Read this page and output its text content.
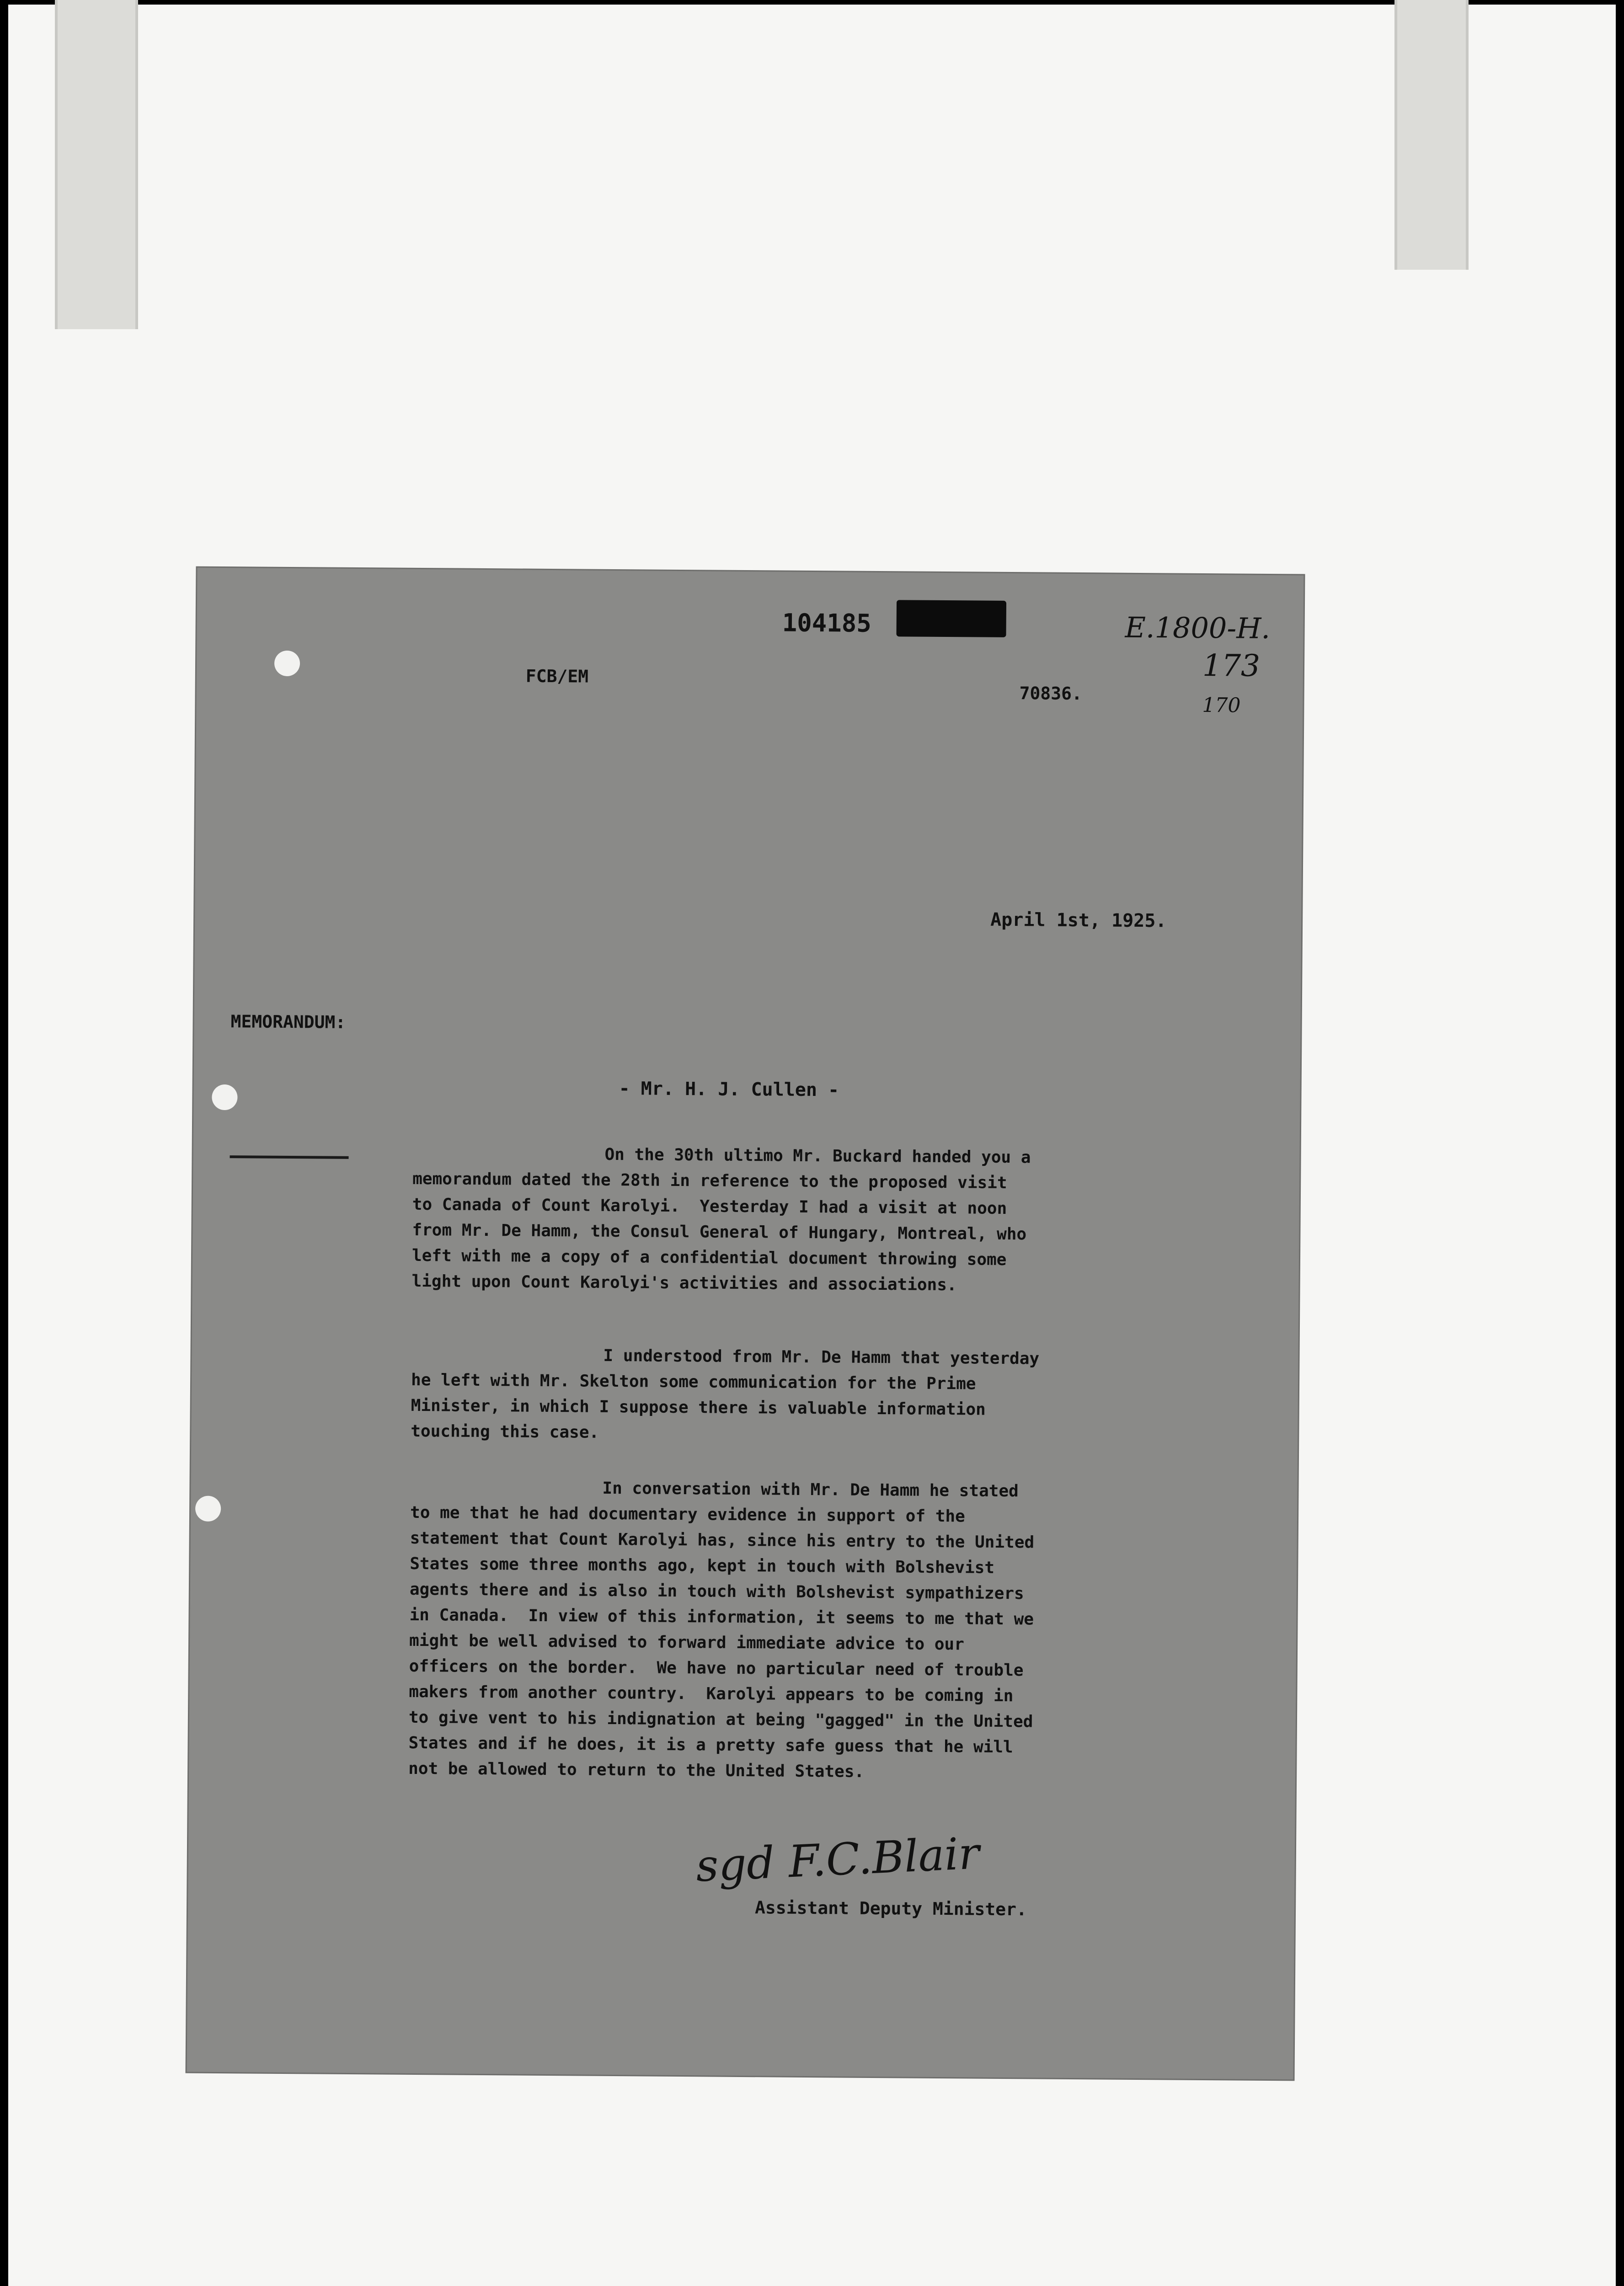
104185	E.1800-H.
173
170
FCB/EM
70836.
April 1st, 1925.
MEMORANDUM:
- Mr. H. J. Cullen -
On the 30th ultimo Mr. Buckard handed you a
memorandum dated the 28th in reference to the proposed visit
to Canada of Count Karolyi.  Yesterday I had a visit at noon
from Mr. De Hamm, the Consul General of Hungary, Montreal, who
left with me a copy of a confidential document throwing some
light upon Count Karolyi's activities and associations.
I understood from Mr. De Hamm that yesterday
he left with Mr. Skelton some communication for the Prime
Minister, in which I suppose there is valuable information
touching this case.
In conversation with Mr. De Hamm he stated
to me that he had documentary evidence in support of the
statement that Count Karolyi has, since his entry to the United
States some three months ago, kept in touch with Bolshevist
agents there and is also in touch with Bolshevist sympathizers
in Canada.  In view of this information, it seems to me that we
might be well advised to forward immediate advice to our
officers on the border.  We have no particular need of trouble
makers from another country.  Karolyi appears to be coming in
to give vent to his indignation at being "gagged" in the United
States and if he does, it is a pretty safe guess that he will
not be allowed to return to the United States.
sgd F.C.Blair
Assistant Deputy Minister.
